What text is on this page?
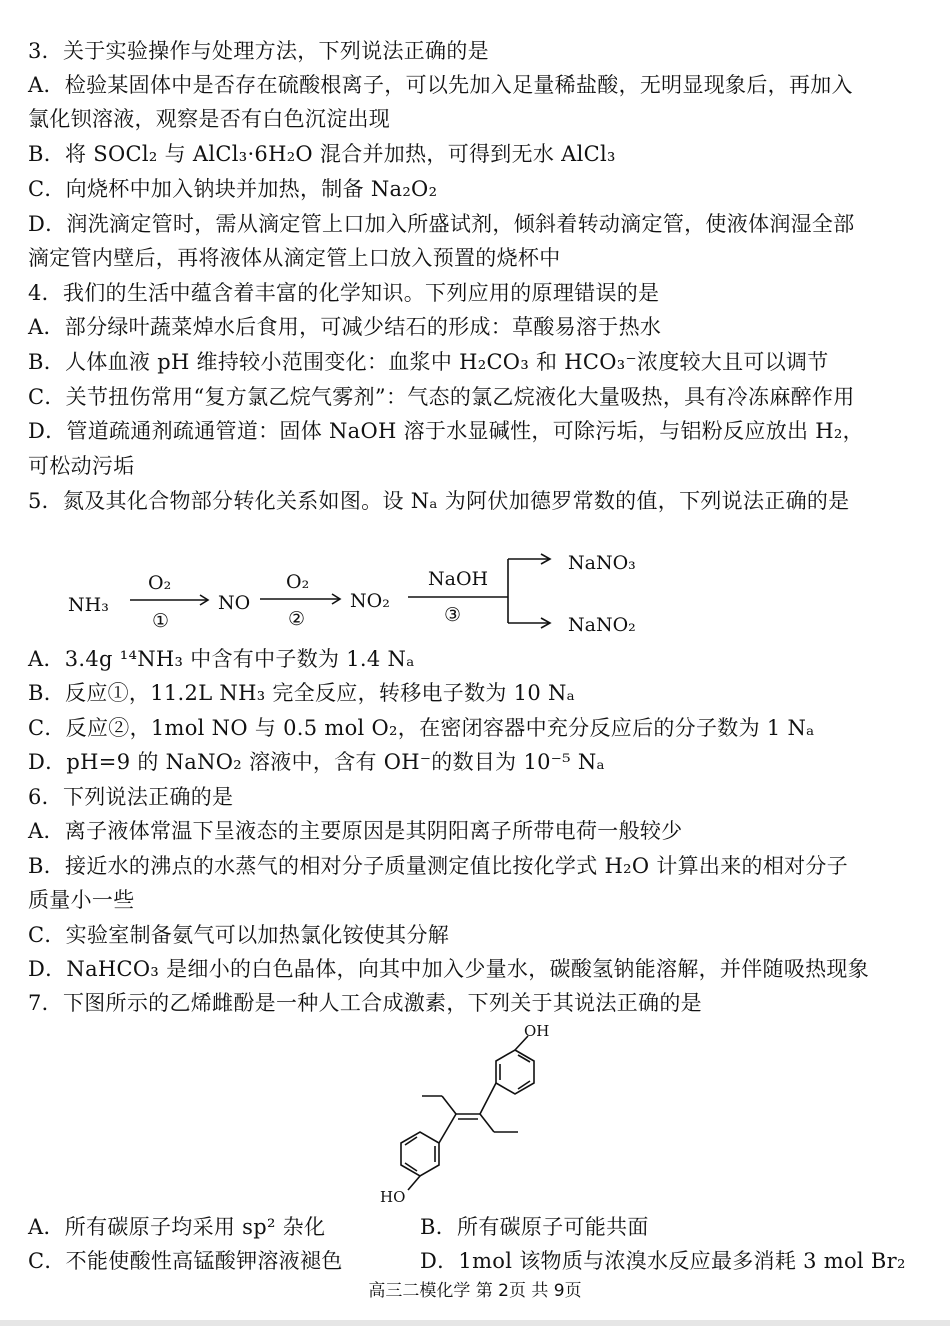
3．关于实验操作与处理方法，下列说法正确的是
A．检验某固体中是否存在硫酸根离子，可以先加入足量稀盐酸，无明显现象后，再加入
氯化钡溶液，观察是否有白色沉淀出现
B．将 SOCl₂ 与 AlCl₃·6H₂O 混合并加热，可得到无水 AlCl₃
C．向烧杯中加入钠块并加热，制备 Na₂O₂
D．润洗滴定管时，需从滴定管上口加入所盛试剂，倾斜着转动滴定管，使液体润湿全部
滴定管内壁后，再将液体从滴定管上口放入预置的烧杯中
4．我们的生活中蕴含着丰富的化学知识。下列应用的原理错误的是
A．部分绿叶蔬菜焯水后食用，可减少结石的形成：草酸易溶于热水
B．人体血液 pH 维持较小范围变化：血浆中 H₂CO₃ 和 HCO₃⁻浓度较大且可以调节
C．关节扭伤常用“复方氯乙烷气雾剂”：气态的氯乙烷液化大量吸热，具有冷冻麻醉作用
D．管道疏通剂疏通管道：固体 NaOH 溶于水显碱性，可除污垢，与铝粉反应放出 H₂，
可松动污垢
5．氮及其化合物部分转化关系如图。设 Nₐ 为阿伏加德罗常数的值，下列说法正确的是
NH₃
O₂
①
NO
O₂
②
NO₂
NaOH
③
NaNO₃
NaNO₂
A．3.4g ¹⁴NH₃ 中含有中子数为 1.4 Nₐ
B．反应①，11.2L NH₃ 完全反应，转移电子数为 10 Nₐ
C．反应②，1mol NO 与 0.5 mol O₂，在密闭容器中充分反应后的分子数为 1 Nₐ
D．pH=9 的 NaNO₂ 溶液中，含有 OH⁻的数目为 10⁻⁵ Nₐ
6．下列说法正确的是
A．离子液体常温下呈液态的主要原因是其阴阳离子所带电荷一般较少
B．接近水的沸点的水蒸气的相对分子质量测定值比按化学式 H₂O 计算出来的相对分子
质量小一些
C．实验室制备氨气可以加热氯化铵使其分解
D．NaHCO₃ 是细小的白色晶体，向其中加入少量水，碳酸氢钠能溶解，并伴随吸热现象
7．下图所示的乙烯雌酚是一种人工合成激素，下列关于其说法正确的是
OH
HO
A．所有碳原子均采用 sp² 杂化	B．所有碳原子可能共面
C．不能使酸性高锰酸钾溶液褪色	D．1mol 该物质与浓溴水反应最多消耗 3 mol Br₂
高三二模化学 第 2页 共 9页
